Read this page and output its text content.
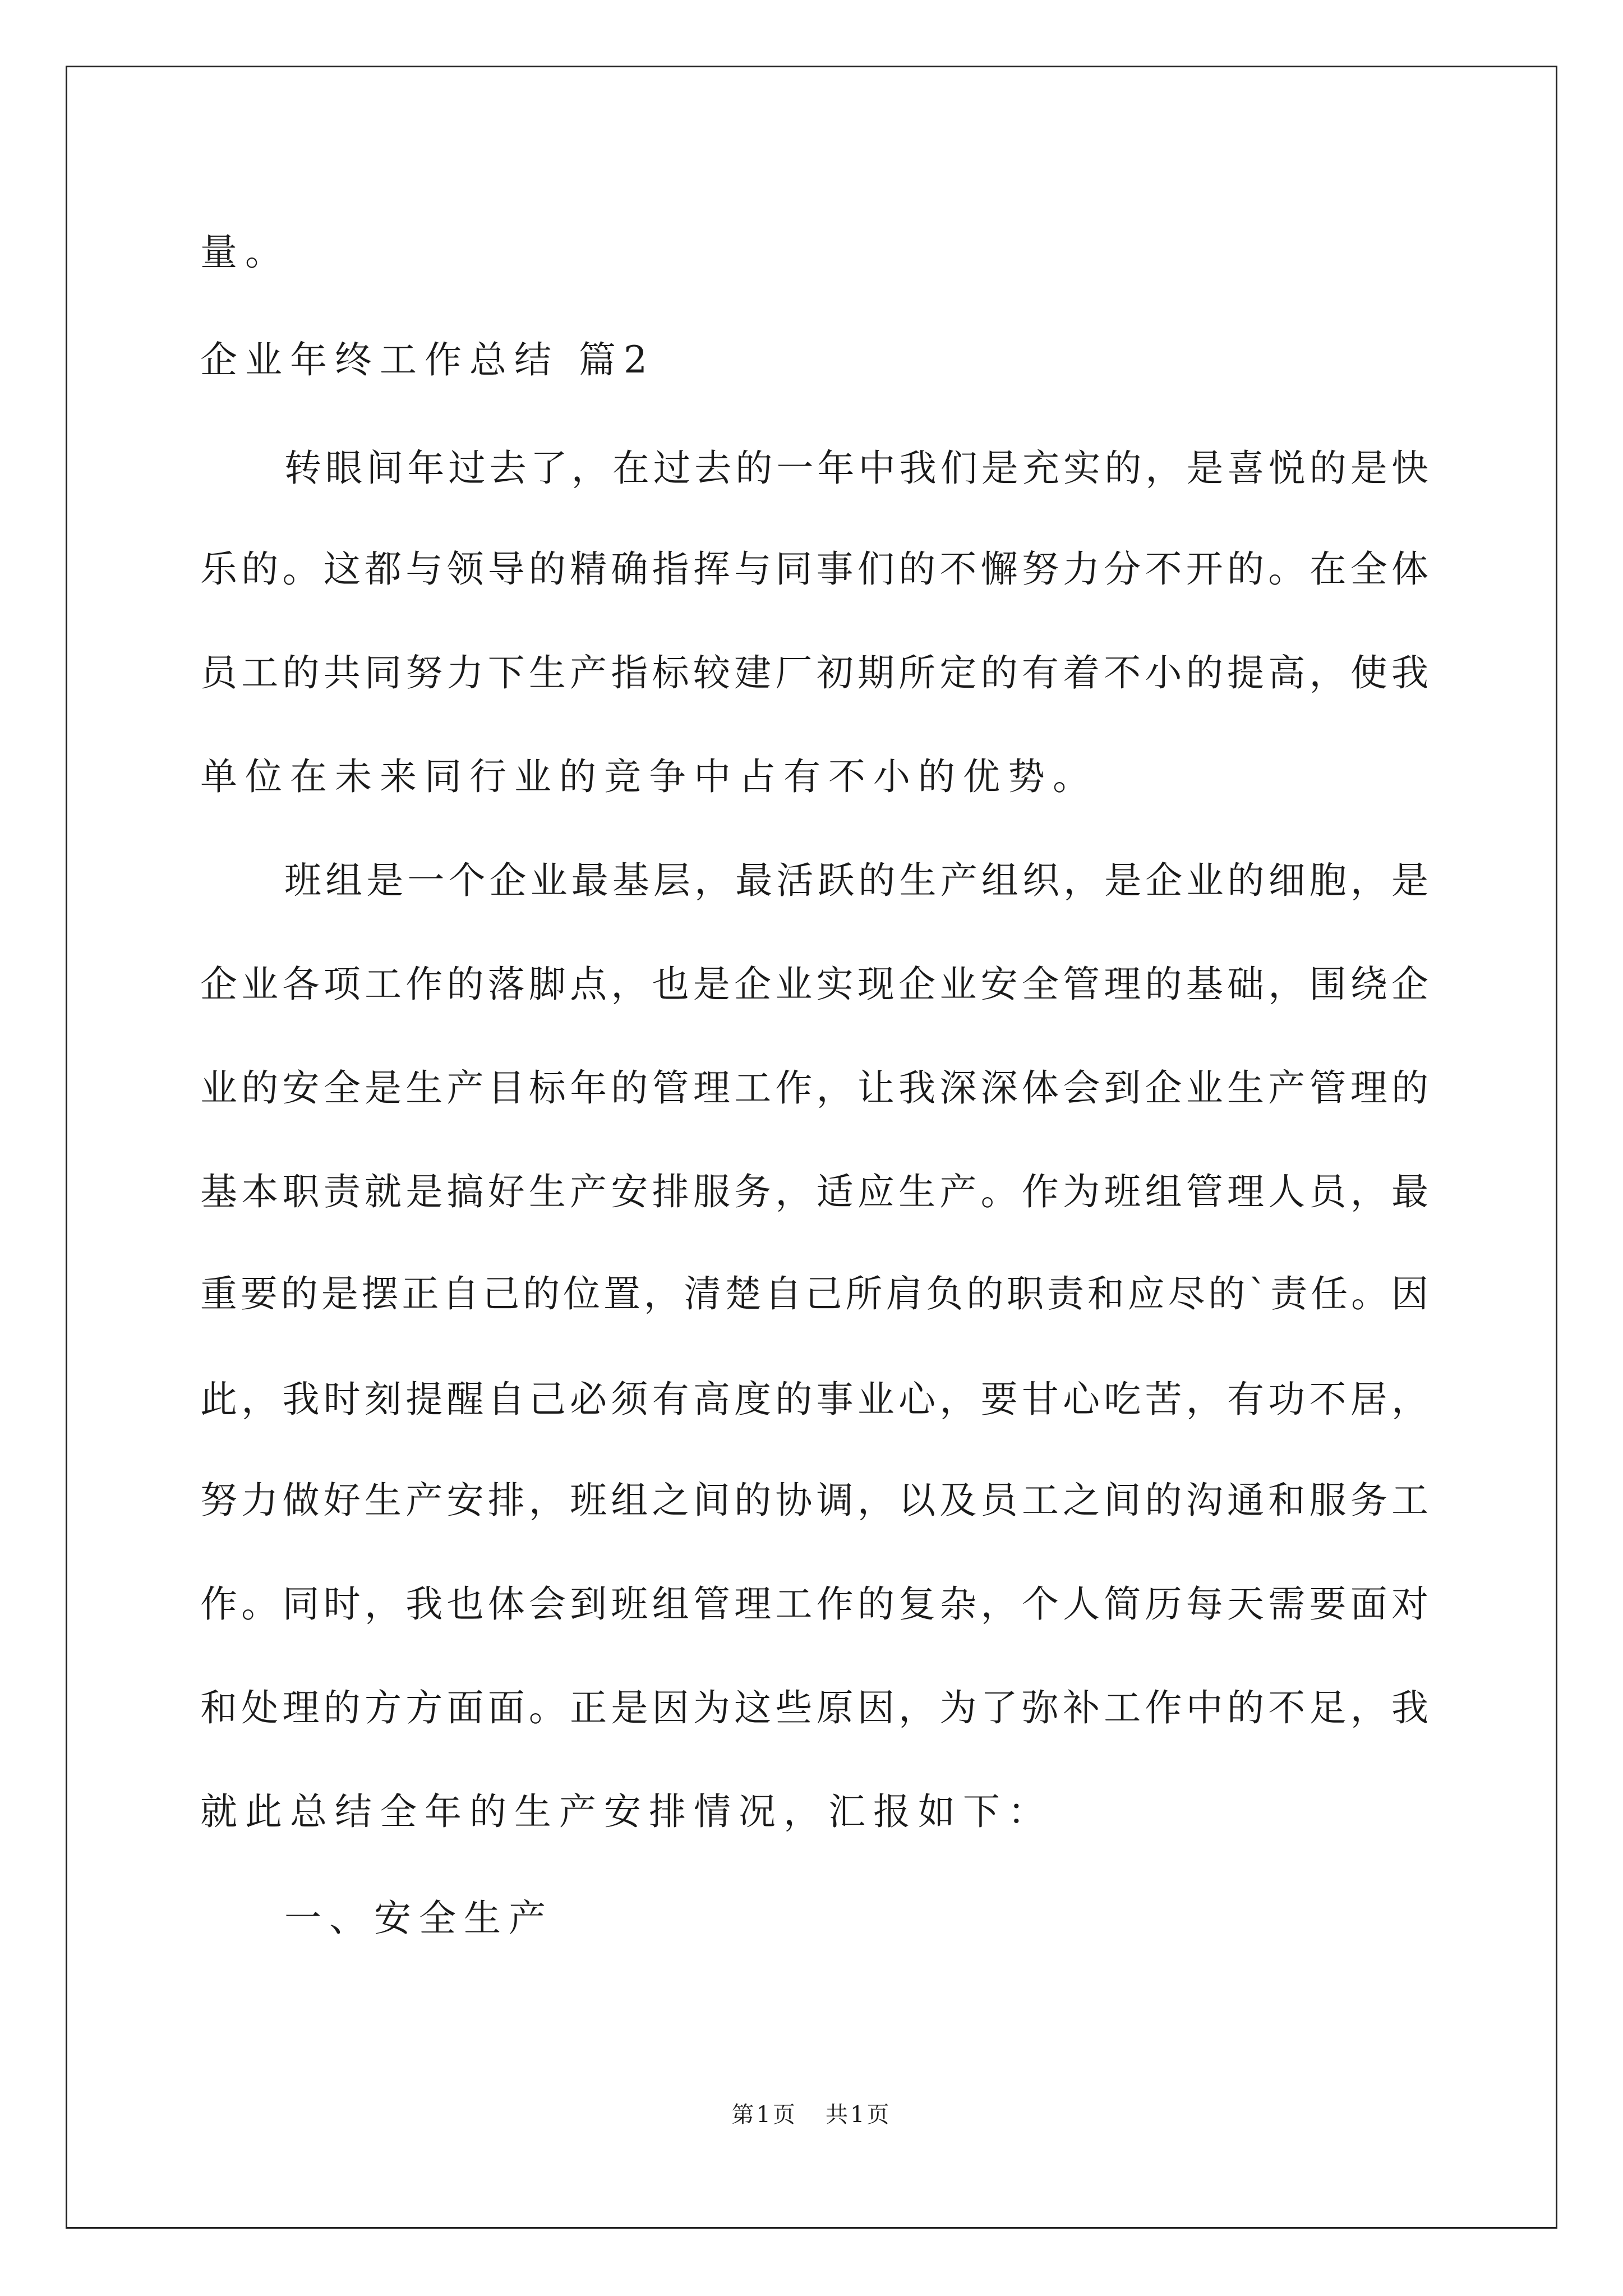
量。
企业年终工作总结 篇2
转眼间年过去了，在过去的一年中我们是充实的，是喜悦的是快
乐的。这都与领导的精确指挥与同事们的不懈努力分不开的。在全体
员工的共同努力下生产指标较建厂初期所定的有着不小的提高，使我
单位在未来同行业的竞争中占有不小的优势。
班组是一个企业最基层，最活跃的生产组织，是企业的细胞，是
企业各项工作的落脚点，也是企业实现企业安全管理的基础，围绕企
业的安全是生产目标年的管理工作，让我深深体会到企业生产管理的
基本职责就是搞好生产安排服务，适应生产。作为班组管理人员，最
重要的是摆正自己的位置，清楚自己所肩负的职责和应尽的`责任。因
此，我时刻提醒自己必须有高度的事业心，要甘心吃苦，有功不居，
努力做好生产安排，班组之间的协调，以及员工之间的沟通和服务工
作。同时，我也体会到班组管理工作的复杂，个人简历每天需要面对
和处理的方方面面。正是因为这些原因，为了弥补工作中的不足，我
就此总结全年的生产安排情况，汇报如下：
一、安全生产
第1页   共1页
